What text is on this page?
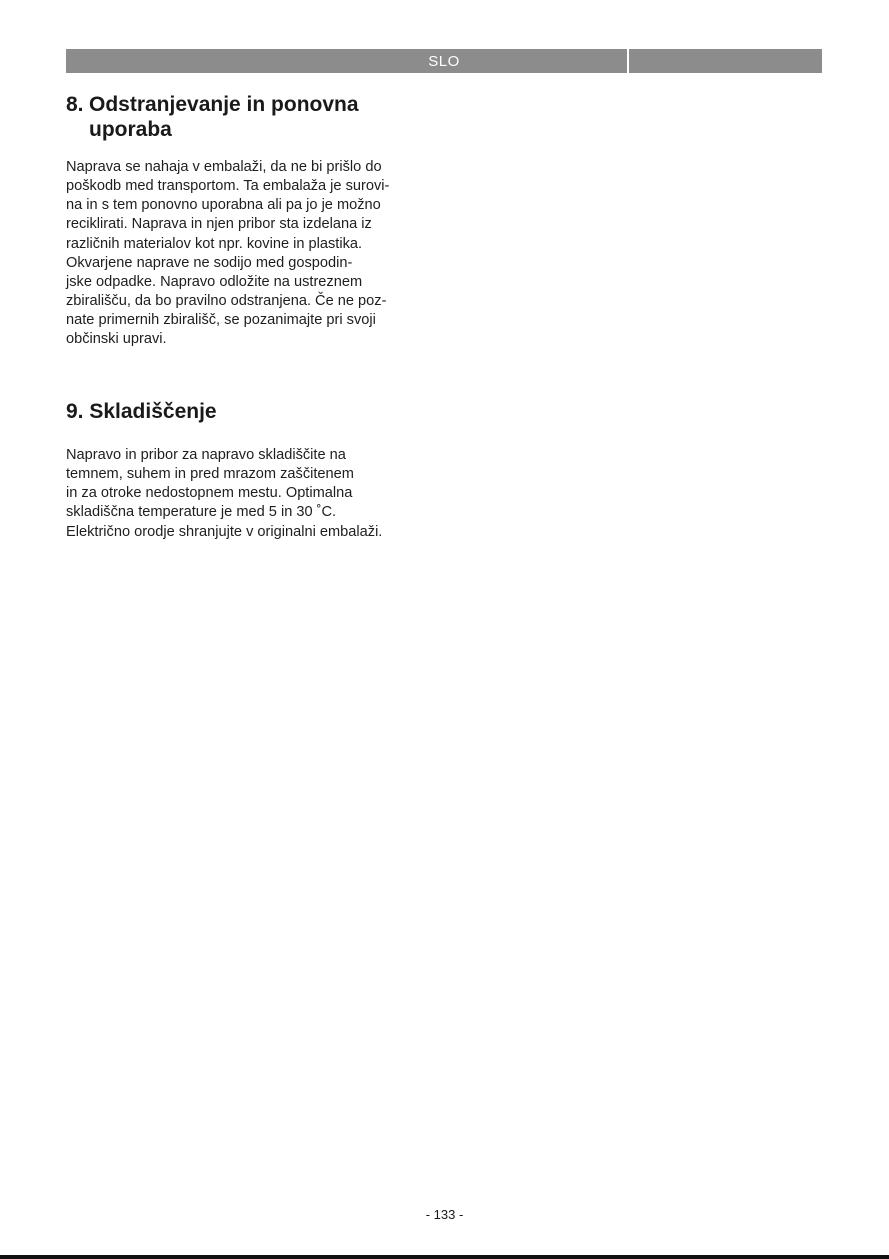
SLO
8. Odstranjevanje in ponovna
uporaba

Naprava se nahaja v embalaži, da ne bi prišlo do
poškodb med transportom. Ta embalaža je surovi-
na in s tem ponovno uporabna ali pa jo je možno
reciklirati. Naprava in njen pribor sta izdelana iz
različnih materialov kot npr. kovine in plastika.
Okvarjene naprave ne sodijo med gospodin-
jske odpadke. Napravo odložite na ustreznem
zbirališču, da bo pravilno odstranjena. Če ne poz-
nate primernih zbirališč, se pozanimajte pri svoji
občinski upravi.

9. Skladiščenje

Napravo in pribor za napravo skladiščite na
temnem, suhem in pred mrazom zaščitenem
in za otroke nedostopnem mestu. Optimalna
skladiščna temperature je med 5 in 30 ˚C.
Električno orodje shranjujte v originalni embalaži.

- 133 -
